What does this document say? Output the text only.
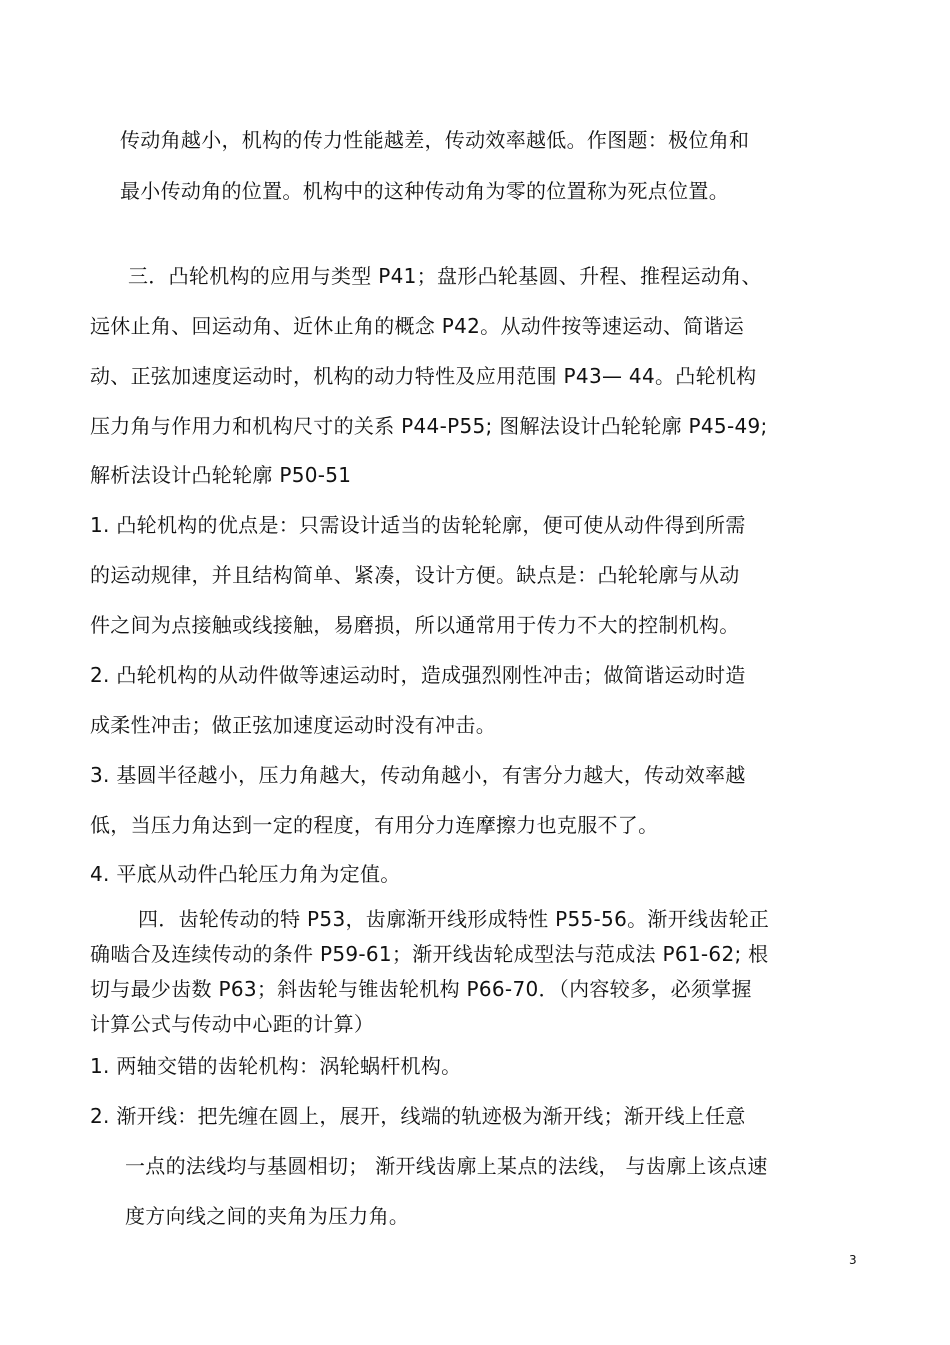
传动角越小，机构的传力性能越差，传动效率越低。作图题：极位角和
最小传动角的位置。机构中的这种传动角为零的位置称为死点位置。
三．凸轮机构的应用与类型 P41；盘形凸轮基圆、升程、推程运动角、
远休止角、回运动角、近休止角的概念 P42。从动件按等速运动、简谐运
动、正弦加速度运动时，机构的动力特性及应用范围 P43— 44。凸轮机构
压力角与作用力和机构尺寸的关系 P44-P55; 图解法设计凸轮轮廓 P45-49;
解析法设计凸轮轮廓 P50-51
1. 凸轮机构的优点是：只需设计适当的齿轮轮廓，便可使从动件得到所需
的运动规律，并且结构简单、紧凑，设计方便。缺点是：凸轮轮廓与从动
件之间为点接触或线接触，易磨损，所以通常用于传力不大的控制机构。
2. 凸轮机构的从动件做等速运动时，造成强烈刚性冲击；做简谐运动时造
成柔性冲击；做正弦加速度运动时没有冲击。
3. 基圆半径越小，压力角越大，传动角越小，有害分力越大，传动效率越
低，当压力角达到一定的程度，有用分力连摩擦力也克服不了。
4. 平底从动件凸轮压力角为定值。
四．齿轮传动的特 P53，齿廓渐开线形成特性 P55-56。渐开线齿轮正
确啮合及连续传动的条件 P59-61；渐开线齿轮成型法与范成法 P61-62; 根
切与最少齿数 P63；斜齿轮与锥齿轮机构 P66-70．（内容较多，必须掌握
计算公式与传动中心距的计算）
1. 两轴交错的齿轮机构：涡轮蜗杆机构。
2. 渐开线：把先缠在圆上，展开，线端的轨迹极为渐开线；渐开线上任意
一点的法线均与基圆相切； 渐开线齿廓上某点的法线， 与齿廓上该点速
度方向线之间的夹角为压力角。
3
